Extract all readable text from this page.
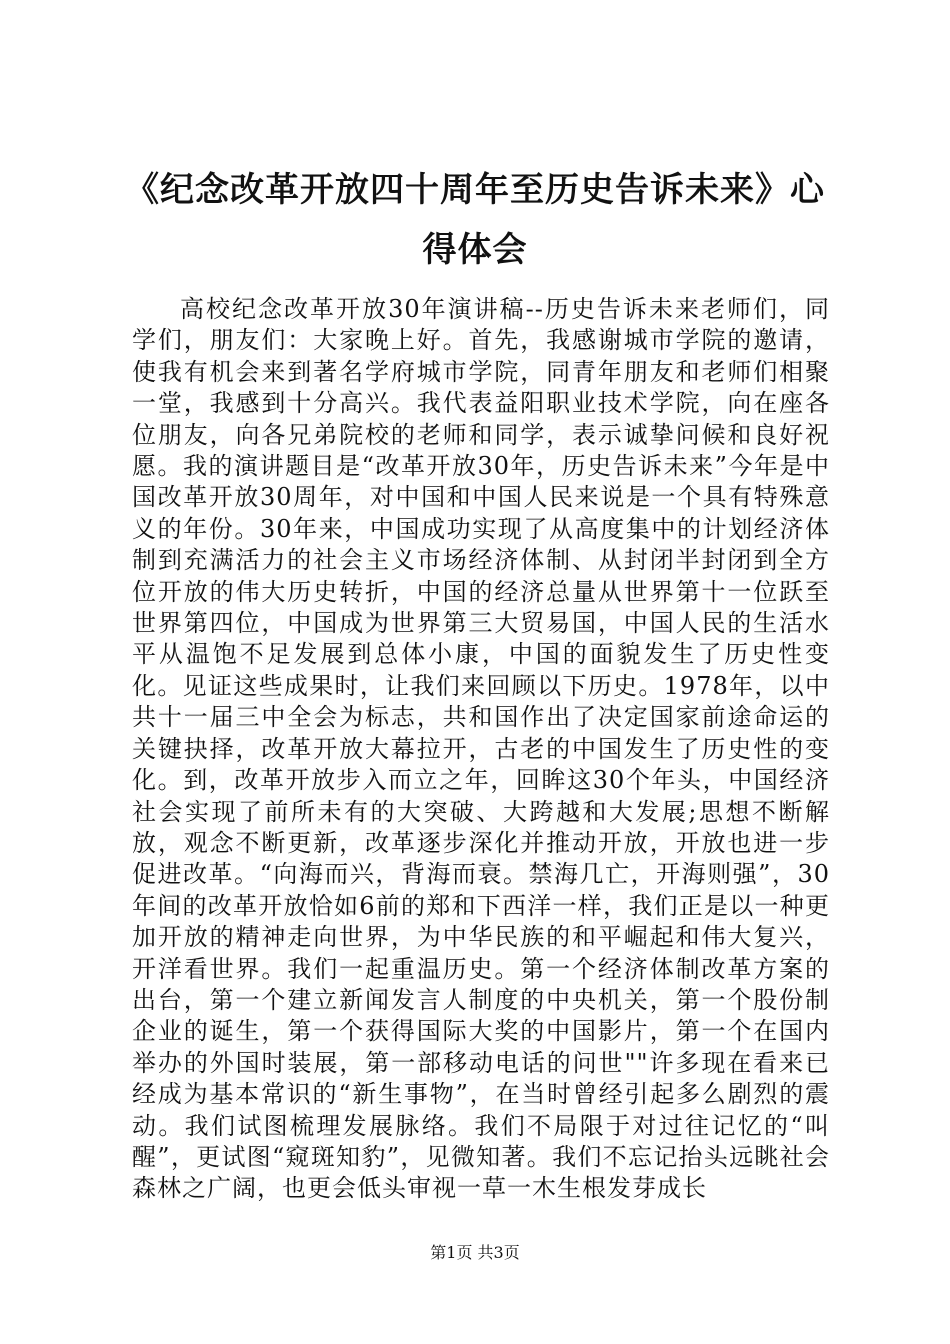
《纪念改革开放四十周年至历史告诉未来》心得体会

高校纪念改革开放30年演讲稿--历史告诉未来老师们，同学们，朋友们：大家晚上好。首先，我感谢城市学院的邀请，使我有机会来到著名学府城市学院，同青年朋友和老师们相聚一堂，我感到十分高兴。我代表益阳职业技术学院，向在座各位朋友，向各兄弟院校的老师和同学，表示诚挚问候和良好祝愿。我的演讲题目是“改革开放30年，历史告诉未来”今年是中国改革开放30周年，对中国和中国人民来说是一个具有特殊意义的年份。30年来，中国成功实现了从高度集中的计划经济体制到充满活力的社会主义市场经济体制、从封闭半封闭到全方位开放的伟大历史转折，中国的经济总量从世界第十一位跃至世界第四位，中国成为世界第三大贸易国，中国人民的生活水平从温饱不足发展到总体小康，中国的面貌发生了历史性变化。见证这些成果时，让我们来回顾以下历史。1978年，以中共十一届三中全会为标志，共和国作出了决定国家前途命运的关键抉择，改革开放大幕拉开，古老的中国发生了历史性的变化。到，改革开放步入而立之年，回眸这30个年头，中国经济社会实现了前所未有的大突破、大跨越和大发展;思想不断解放，观念不断更新，改革逐步深化并推动开放，开放也进一步促进改革。“向海而兴，背海而衰。禁海几亡，开海则强”，30年间的改革开放恰如6前的郑和下西洋一样，我们正是以一种更加开放的精神走向世界，为中华民族的和平崛起和伟大复兴，开洋看世界。我们一起重温历史。第一个经济体制改革方案的出台，第一个建立新闻发言人制度的中央机关，第一个股份制企业的诞生，第一个获得国际大奖的中国影片，第一个在国内举办的外国时装展，第一部移动电话的问世""许多现在看来已经成为基本常识的“新生事物”，在当时曾经引起多么剧烈的震动。我们试图梳理发展脉络。我们不局限于对过往记忆的“叫醒”，更试图“窥斑知豹”，见微知著。我们不忘记抬头远眺社会森林之广阔，也更会低头审视一草一木生根发芽成长

第1页 共3页
